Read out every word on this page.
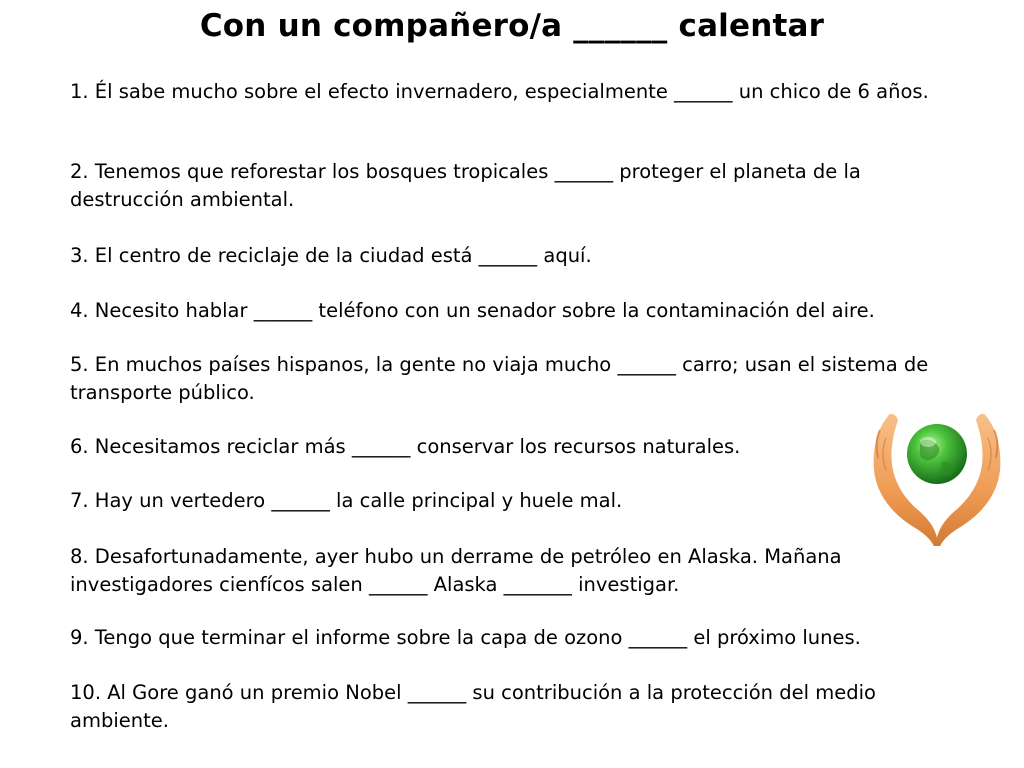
Con un compañero/a ______ calentar
1. Él sabe mucho sobre el efecto invernadero, especialmente ______ un chico de 6 años.
2. Tenemos que reforestar los bosques tropicales ______ proteger el planeta de la destrucción ambiental.
3. El centro de reciclaje de la ciudad está ______ aquí.
4. Necesito hablar ______ teléfono con un senador sobre la contaminación del aire.
5. En muchos países hispanos, la gente no viaja mucho ______ carro; usan el sistema de transporte público.
6. Necesitamos reciclar más ______ conservar los recursos naturales.
7. Hay un vertedero ______ la calle principal y huele mal.
8. Desafortunadamente, ayer hubo un derrame de petróleo en Alaska. Mañana investigadores cienfícos salen ______ Alaska _______ investigar.
9. Tengo que terminar el informe sobre la capa de ozono ______ el próximo lunes.
10. Al Gore ganó un premio Nobel ______ su contribución a la protección del medio ambiente.
